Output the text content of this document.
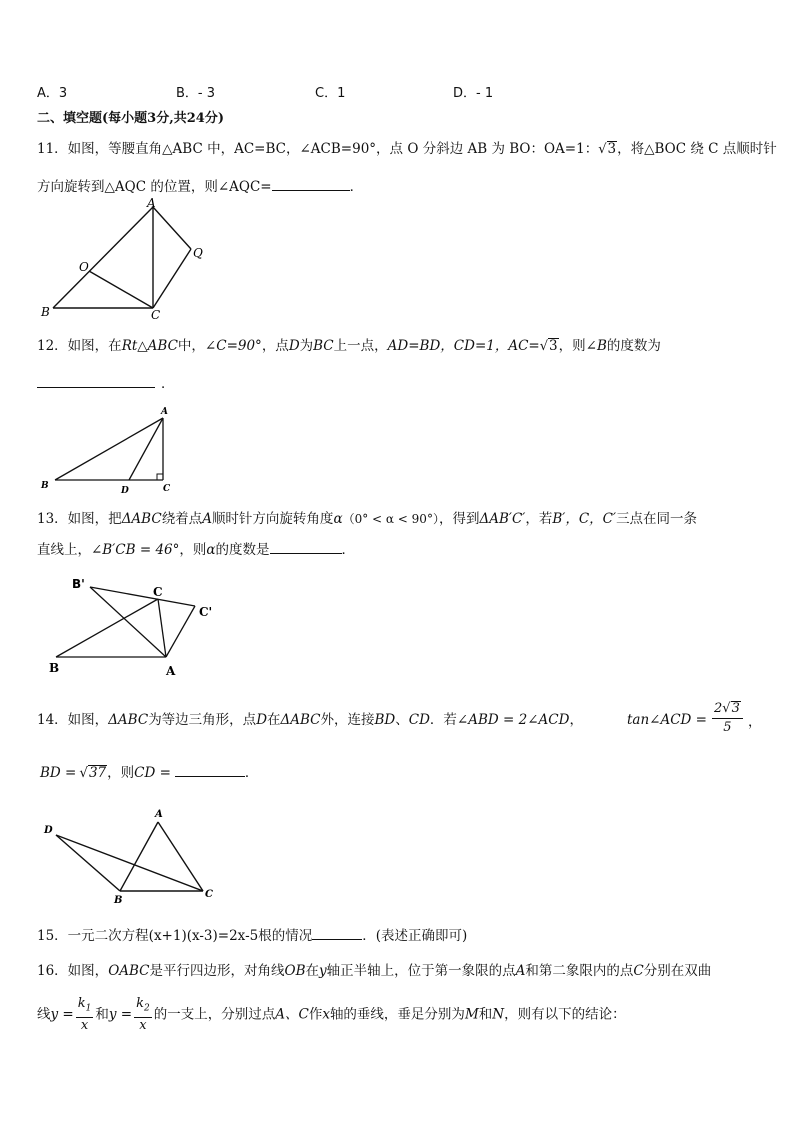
A．3	B．- 3	C．1	D．- 1
二、填空题(每小题3分,共24分)
11．如图，等腰直角△ABC 中，AC=BC，∠ACB=90°，点 O 分斜边 AB 为 BO：OA=1：√3，将△BOC 绕 C 点顺时针
方向旋转到△AQC 的位置，则∠AQC=	．
A
O
Q
B	C
12．如图，在Rt△ABC中，∠C=90°，点D为BC上一点，AD=BD，CD=1，AC=√3，则∠B的度数为
．
A
B	D	C
13．如图，把ΔABC绕着点A顺时针方向旋转角度α（0° < α < 90°），得到ΔAB′C′，若B′，C，C′三点在同一条
直线上，∠B′CB = 46°，则α的度数是	．
B'
C
C'
B	A
14．如图，ΔABC为等边三角形，点D在ΔABC外，连接BD、CD．若∠ABD = 2∠ACD，	tan∠ACD = $\frac{2√3}{5}$ ，
BD = √37，则CD =	．
A
D
B
C
15．一元二次方程(x+1)(x-3)=2x-5根的情况	．(表述正确即可)
16．如图，OABC是平行四边形，对角线OB在y轴正半轴上，位于第一象限的点A和第二象限内的点C分别在双曲
线$y = \frac{k_1}{x}$ 和$y = \frac{k_2}{x}$ 的一支上，分别过点A、C作x轴的垂线，垂足分别为M和N，则有以下的结论：
